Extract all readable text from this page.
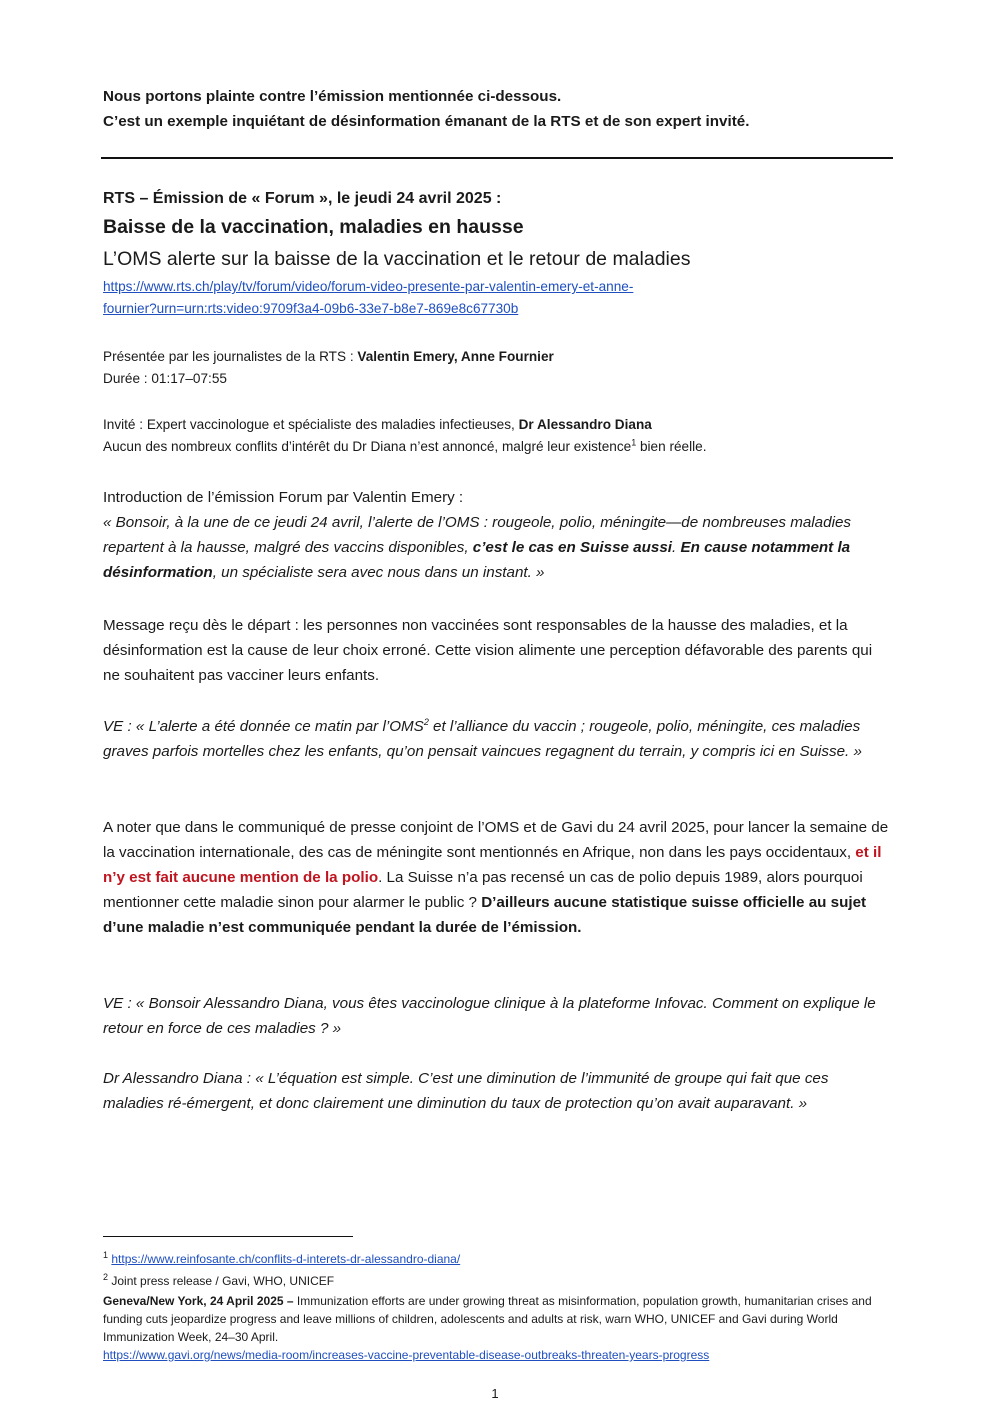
Nous portons plainte contre l’émission mentionnée ci-dessous.
C’est un exemple inquiétant de désinformation émanant de la RTS et de son expert invité.
RTS – Émission de « Forum », le jeudi 24 avril 2025 :
Baisse de la vaccination, maladies en hausse
L’OMS alerte sur la baisse de la vaccination et le retour de maladies
https://www.rts.ch/play/tv/forum/video/forum-video-presente-par-valentin-emery-et-anne-
fournier?urn=urn:rts:video:9709f3a4-09b6-33e7-b8e7-869e8c67730b
Présentée par les journalistes de la RTS : Valentin Emery, Anne Fournier
Durée : 01:17–07:55
Invité : Expert vaccinologue et spécialiste des maladies infectieuses, Dr Alessandro Diana
Aucun des nombreux conflits d’intérêt du Dr Diana n’est annoncé, malgré leur existence$^1$ bien réelle.
Introduction de l’émission Forum par Valentin Emery :
« Bonsoir, à la une de ce jeudi 24 avril, l’alerte de l’OMS : rougeole, polio, méningite—de nombreuses maladies repartent à la hausse, malgré des vaccins disponibles, c’est le cas en Suisse aussi. En cause notamment la désinformation, un spécialiste sera avec nous dans un instant. »
Message reçu dès le départ : les personnes non vaccinées sont responsables de la hausse des maladies, et la désinformation est la cause de leur choix erroné. Cette vision alimente une perception défavorable des parents qui ne souhaitent pas vacciner leurs enfants.
VE : « L’alerte a été donnée ce matin par l’OMS$^2$ et l’alliance du vaccin ; rougeole, polio, méningite, ces maladies graves parfois mortelles chez les enfants, qu’on pensait vaincues regagnent du terrain, y compris ici en Suisse. »
A noter que dans le communiqué de presse conjoint de l’OMS et de Gavi du 24 avril 2025, pour lancer la semaine de la vaccination internationale, des cas de méningite sont mentionnés en Afrique, non dans les pays occidentaux, et il n’y est fait aucune mention de la polio. La Suisse n’a pas recensé un cas de polio depuis 1989, alors pourquoi mentionner cette maladie sinon pour alarmer le public ? D’ailleurs aucune statistique suisse officielle au sujet d’une maladie n’est communiquée pendant la durée de l’émission.
VE : « Bonsoir Alessandro Diana, vous êtes vaccinologue clinique à la plateforme Infovac. Comment on explique le retour en force de ces maladies ? »
Dr Alessandro Diana : « L’équation est simple. C’est une diminution de l’immunité de groupe qui fait que ces maladies ré-émergent, et donc clairement une diminution du taux de protection qu’on avait auparavant. »
$^1$ https://www.reinfosante.ch/conflits-d-interets-dr-alessandro-diana/
$^2$ Joint press release / Gavi, WHO, UNICEF
Geneva/New York, 24 April 2025 – Immunization efforts are under growing threat as misinformation, population growth, humanitarian crises and funding cuts jeopardize progress and leave millions of children, adolescents and adults at risk, warn WHO, UNICEF and Gavi during World Immunization Week, 24–30 April.
https://www.gavi.org/news/media-room/increases-vaccine-preventable-disease-outbreaks-threaten-years-progress
1
